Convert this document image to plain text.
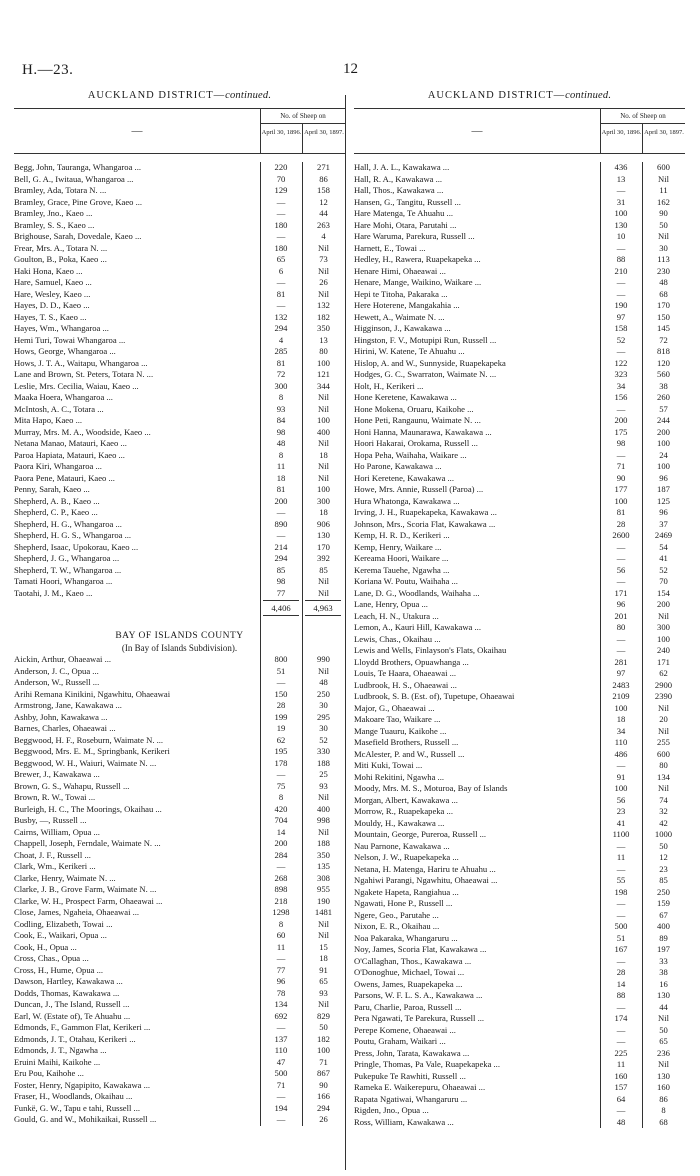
H.—23.	12
AUCKLAND DISTRICT—continued.
—
No. of Sheep on
April 30, 1896. April 30, 1897.
Begg, John, Tauranga, Whangaroa ...	220	271
Bell, G. A., Iwitaua, Whangaroa ...	70	86
Bramley, Ada, Totara N. ...	129	158
Bramley, Grace, Pine Grove, Kaeo ...	—	12
Bramley, Jno., Kaeo ...	—	44
Bramley, S. S., Kaeo ...	180	263
Brighouse, Sarah, Dovedale, Kaeo ...	—	4
Frear, Mrs. A., Totara N. ...	180	Nil
Goulton, B., Poka, Kaeo ...	65	73
Haki Hona, Kaeo ...	6	Nil
Hare, Samuel, Kaeo ...	—	26
Hare, Wesley, Kaeo ...	81	Nil
Hayes, D. D., Kaeo ...	—	132
Hayes, T. S., Kaeo ...	132	182
Hayes, Wm., Whangaroa ...	294	350
Hemi Turi, Towai Whangaroa ...	4	13
Hows, George, Whangaroa ...	285	80
Hows, J. T. A., Waitapu, Whangaroa ...	81	100
Lane and Brown, St. Peters, Totara N. ...	72	121
Leslie, Mrs. Cecilia, Waiau, Kaeo ...	300	344
Maaka Hoera, Whangaroa ...	8	Nil
McIntosh, A. C., Totara ...	93	Nil
Mita Hapo, Kaeo ...	84	100
Murray, Mrs. M. A., Woodside, Kaeo ...	98	400
Netana Manao, Matauri, Kaeo ...	48	Nil
Paroa Hapiata, Matauri, Kaeo ...	8	18
Paora Kiri, Whangaroa ...	11	Nil
Paora Pene, Matauri, Kaeo ...	18	Nil
Penny, Sarah, Kaeo ...	81	100
Shepherd, A. B., Kaeo ...	200	300
Shepherd, C. P., Kaeo ...	—	18
Shepherd, H. G., Whangaroa ...	890	906
Shepherd, H. G. S., Whangaroa ...	—	130
Shepherd, Isaac, Upokorau, Kaeo ...	214	170
Shepherd, J. G., Whangaroa ...	294	392
Shepherd, T. W., Whangaroa ...	85	85
Tamati Hoori, Whangaroa ...	98	Nil
Taotahi, J. M., Kaeo ...	77	Nil
4,406	4,963
BAY OF ISLANDS COUNTY
(In Bay of Islands Subdivision).
Aickin, Arthur, Ohaeawai ...	800	990
Anderson, J. C., Opua ...	51	Nil
Anderson, W., Russell ...	—	48
Arihi Remana Kinikini, Ngawhitu, Ohaeawai	150	250
Armstrong, Jane, Kawakawa ...	28	30
Ashby, John, Kawakawa ...	199	295
Barnes, Charles, Ohaeawai ...	19	30
Beggwood, H. F., Roseburn, Waimate N. ...	62	52
Beggwood, Mrs. E. M., Springbank, Kerikeri	195	330
Beggwood, W. H., Waiuri, Waimate N. ...	178	188
Brewer, J., Kawakawa ...	—	25
Brown, G. S., Wahapu, Russell ...	75	93
Brown, R. W., Towai ...	8	Nil
Burleigh, H. C., The Moorings, Okaihau ...	420	400
Busby, —, Russell ...	704	998
Cairns, William, Opua ...	14	Nil
Chappell, Joseph, Ferndale, Waimate N. ...	200	188
Choat, J. F., Russell ...	284	350
Clark, Wm., Kerikeri ...	—	135
Clarke, Henry, Waimate N. ...	268	308
Clarke, J. B., Grove Farm, Waimate N. ...	898	955
Clarke, W. H., Prospect Farm, Ohaeawai ...	218	190
Close, James, Ngaheia, Ohaeawai ...	1298	1481
Codling, Elizabeth, Towai ...	8	Nil
Cook, E., Waikari, Opua ...	60	Nil
Cook, H., Opua ...	11	15
Cross, Chas., Opua ...	—	18
Cross, H., Hume, Opua ...	77	91
Dawson, Hartley, Kawakawa ...	96	65
Dodds, Thomas, Kawakawa ...	78	93
Duncan, J., The Island, Russell ...	134	Nil
Earl, W. (Estate of), Te Ahuahu ...	692	829
Edmonds, F., Gammon Flat, Kerikeri ...	—	50
Edmonds, J. T., Otahau, Kerikeri ...	137	182
Edmonds, J. T., Ngawha ...	110	100
Eruini Maihi, Kaikohe ...	47	71
Eru Pou, Kaihohe ...	500	867
Foster, Henry, Ngapipito, Kawakawa ...	71	90
Fraser, H., Woodlands, Okaihau ...	—	166
Funkë, G. W., Tapu e tahi, Russell ...	194	294
Gould, G. and W., Mohikaikai, Russell ...	—	26
AUCKLAND DISTRICT—continued.
—
No. of Sheep on
April 30, 1896. April 30, 1897.
Hall, J. A. L., Kawakawa ...	436	600
Hall, R. A., Kawakawa ...	13	Nil
Hall, Thos., Kawakawa ...	—	11
Hansen, G., Tangitu, Russell ...	31	162
Hare Matenga, Te Ahuahu ...	100	90
Hare Mohi, Otara, Parutahi ...	130	50
Hare Waruma, Parekura, Russell ...	10	Nil
Harnett, E., Towai ...	—	30
Hedley, H., Rawera, Ruapekapeka ...	88	113
Henare Himi, Ohaeawai ...	210	230
Henare, Mange, Waikino, Waikare ...	—	48
Hepi te Titoha, Pakaraka ...	—	68
Here Hoterene, Mangakahia ...	190	170
Hewett, A., Waimate N. ...	97	150
Higginson, J., Kawakawa ...	158	145
Hingston, F. V., Motupipi Run, Russell ...	52	72
Hirini, W. Katene, Te Ahuahu ...	—	818
Hislop, A. and W., Sunnyside, Ruapekapeka	122	120
Hodges, G. C., Swarraton, Waimate N. ...	323	560
Holt, H., Kerikeri ...	34	38
Hone Keretene, Kawakawa ...	156	260
Hone Mokena, Oruaru, Kaikohe ...	—	57
Hone Peti, Rangaunu, Waimate N. ...	200	244
Honi Hanna, Maunarawa, Kawakawa ...	175	200
Hoori Hakarai, Orokama, Russell ...	98	100
Hopa Peha, Waihaha, Waikare ...	—	24
Ho Parone, Kawakawa ...	71	100
Hori Keretene, Kawakawa ...	90	96
Howe, Mrs. Annie, Russell (Paroa) ...	177	187
Hura Whatonga, Kawakawa ...	100	125
Irving, J. H., Ruapekapeka, Kawakawa ...	81	96
Johnson, Mrs., Scoria Flat, Kawakawa ...	28	37
Kemp, H. R. D., Kerikeri ...	2600	2469
Kemp, Henry, Waikare ...	—	54
Kereama Hoori, Waikare ...	—	41
Kerema Tauehe, Ngawha ...	56	52
Koriana W. Poutu, Waihaha ...	—	70
Lane, D. G., Woodlands, Waihaha ...	171	154
Lane, Henry, Opua ...	96	200
Leach, H. N., Utakura ...	201	Nil
Lemon, A., Kauri Hill, Kawakawa ...	80	300
Lewis, Chas., Okaihau ...	—	100
Lewis and Wells, Finlayson's Flats, Okaihau	—	240
Lloydd Brothers, Opuawhanga ...	281	171
Louis, Te Haara, Ohaeawai ...	97	62
Ludbrook, H. S., Ohaeawai ...	2483	2900
Ludbrook, S. B. (Est. of), Tupetupe, Ohaeawai	2109	2390
Major, G., Ohaeawai ...	100	Nil
Makoare Tao, Waikare ...	18	20
Mange Tuauru, Kaikohe ...	34	Nil
Masefield Brothers, Russell ...	110	255
McAlester, P. and W., Russell ...	486	600
Miti Kuki, Towai ...	—	80
Mohi Rekitini, Ngawha ...	91	134
Moody, Mrs. M. S., Moturoa, Bay of Islands	100	Nil
Morgan, Albert, Kawakawa ...	56	74
Morrow, R., Ruapekapeka ...	23	32
Mouldy, H., Kawakawa ...	41	42
Mountain, George, Pureroa, Russell ...	1100	1000
Nau Parnone, Kawakawa ...	—	50
Nelson, J. W., Ruapekapeka ...	11	12
Netana, H. Matenga, Hariru te Ahuahu ...	—	23
Ngahiwi Parangi, Ngawhitu, Ohaeawai ...	55	85
Ngakete Hapeta, Rangiahua ...	198	250
Ngawati, Hone P., Russell ...	—	159
Ngere, Geo., Parutahe ...	—	67
Nixon, E. R., Okaihau ...	500	400
Noa Pakaraka, Whangaruru ...	51	89
Noy, James, Scoria Flat, Kawakawa ...	167	197
O'Callaghan, Thos., Kawakawa ...	—	33
O'Donoghue, Michael, Towai ...	28	38
Owens, James, Ruapekapeka ...	14	16
Parsons, W. F. L. S. A., Kawakawa ...	88	130
Paru, Charlie, Paroa, Russell ...	—	44
Pera Ngawati, Te Parekura, Russell ...	174	Nil
Perepe Komene, Ohaeawai ...	—	50
Poutu, Graham, Waikari ...	—	65
Press, John, Tarata, Kawakawa ...	225	236
Pringle, Thomas, Pa Vale, Ruapekapeka ...	11	Nil
Pukepuke Te Rawhiti, Russell ...	160	130
Rameka E. Waikerepuru, Ohaeawai ...	157	160
Rapata Ngatiwai, Whangaruru ...	64	86
Rigden, Jno., Opua ...	—	8
Ross, William, Kawakawa ...	48	68
